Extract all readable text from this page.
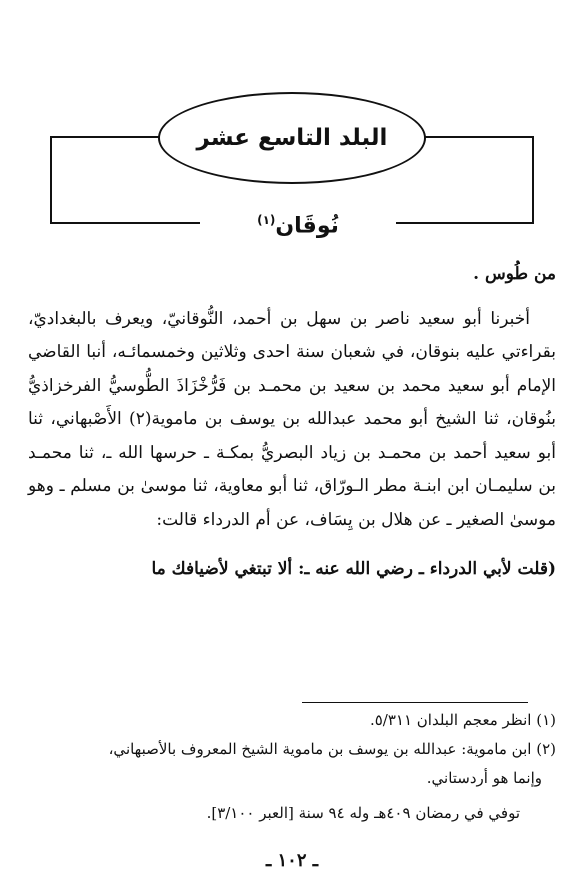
البلد التاسع عشر
نُوقَان$^{(١)}$

من طُوس .

أخبرنا أبو سعيد ناصر بن سهل بن أحمد، النُّوقانيّ، ويعرف بالبغداديّ، بقراءتي عليه بنوقان، في شعبان سنة احدى وثلاثين وخمسمائـه، أنبا القاضي الإمام أبو سعيد محمد بن سعيد بن محمـد بن فَرُّخْزَاذَ الطُّوسيُّ الفرخزاذيُّ بنُوقان، ثنا الشيخ أبو محمد عبدالله بن يوسف بن ماموية(٢) الأَصْبهاني، ثنا أبو سعيد أحمد بن محمـد بن زياد البصريُّ بمكـة ـ حرسها الله ـ، ثنا محمـد بن سليمـان ابن ابنـة مطر الـورّاق، ثنا أبو معاوية، ثنا موسىٰ بن مسلم ـ وهو موسىٰ الصغير ـ عن هلال بن يِسَاف، عن أم الدرداء قالت:

(قلت لأبي الدرداء ـ رضي الله عنه ـ: ألا تبتغي لأضيافك ما

(١) انظر معجم البلدان ٥/٣١١.

(٢) ابن ماموية: عبدالله بن يوسف بن ماموية الشيخ المعروف بالأصبهاني،

وإنما هو أردستاني.

توفي في رمضان ٤٠٩هـ وله ٩٤ سنة [العبر ٣/١٠٠].

ـ ١٠٢ ـ
